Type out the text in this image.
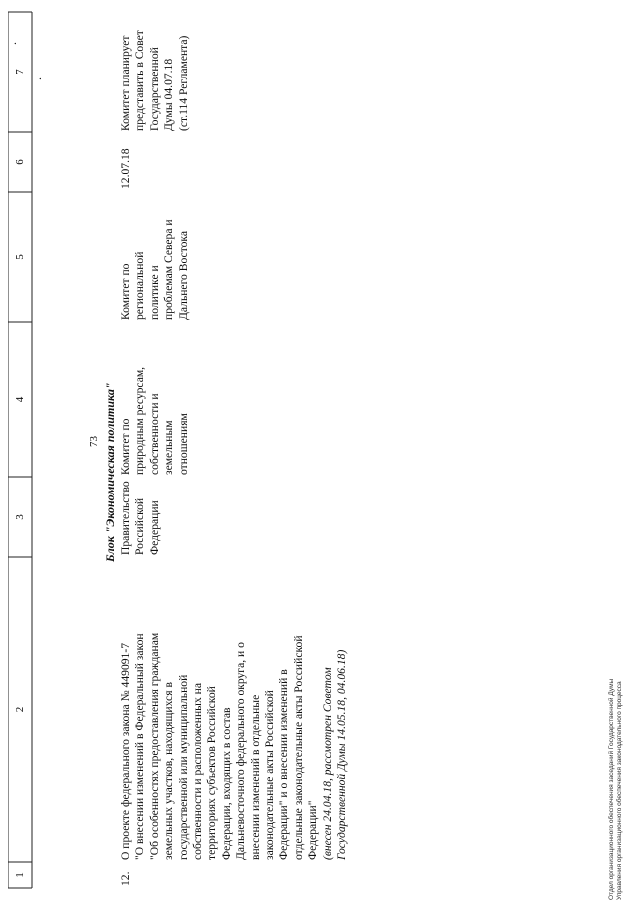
1
2
3
4
5
6
7
73
.
.
Блок "Экономическая политика"
12.
О проекте федерального закона № 449091-7 "О внесении изменений в Федеральный закон "Об особенностях предоставления гражданам земельных участков, находящихся в государственной или муниципальной собственности и расположенных на территориях субъектов Российской Федерации, входящих в состав Дальневосточного федерального округа, и о внесении изменений в отдельные законодательные акты Российской Федерации" и о внесении изменений в отдельные законодательные акты Российской Федерации" (внесен 24.04.18, рассмотрен Советом Государственной Думы 14.05.18, 04.06.18)
Правительство Российской Федерации
Комитет по природным ресурсам, собственности и земельным отношениям
Комитет по региональной политике и проблемам Севера и Дальнего Востока
12.07.18
Комитет планирует представить в Совет Государственной Думы 04.07.18 (ст.114 Регламента)
Отдел организационного обеспечения заседаний Государственной Думы Управления организационного обеспечения законодательного процесса
